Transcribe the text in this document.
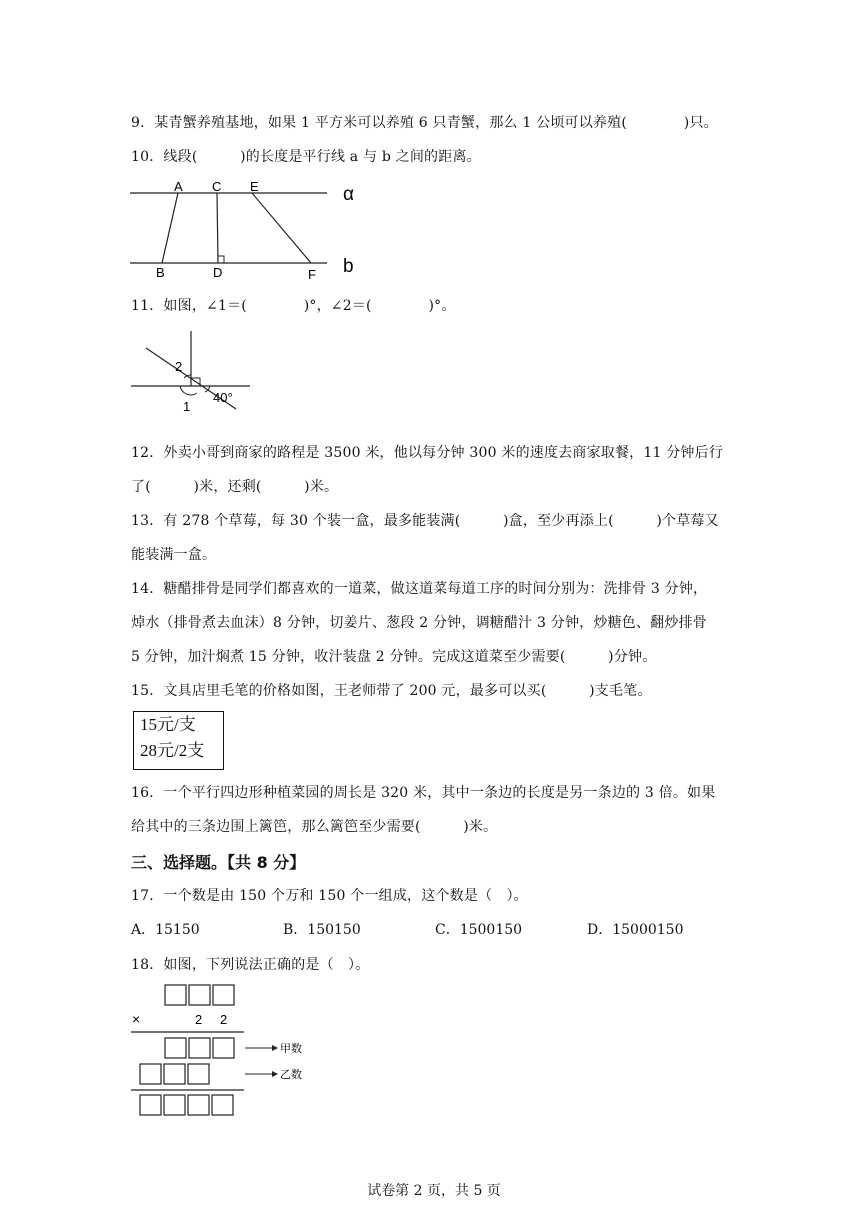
9．某青蟹养殖基地，如果 1 平方米可以养殖 6 只青蟹，那么 1 公顷可以养殖(　　　　)只。
10．线段(　　　)的长度是平行线 a 与 b 之间的距离。
A C E
B	D	F
α
b
11．如图，∠1＝(　　　　)°，∠2＝(　　　　)°。
2
1
40°
12．外卖小哥到商家的路程是 3500 米，他以每分钟 300 米的速度去商家取餐，11 分钟后行
了(　　　)米，还剩(　　　)米。
13．有 278 个草莓，每 30 个装一盒，最多能装满(　　　)盒，至少再添上(　　　)个草莓又
能装满一盒。
14．糖醋排骨是同学们都喜欢的一道菜，做这道菜每道工序的时间分别为：洗排骨 3 分钟，
焯水（排骨煮去血沫）8 分钟，切姜片、葱段 2 分钟，调糖醋汁 3 分钟，炒糖色、翻炒排骨
5 分钟，加汁焖煮 15 分钟，收汁装盘 2 分钟。完成这道菜至少需要(　　　)分钟。
15．文具店里毛笔的价格如图，王老师带了 200 元，最多可以买(　　　)支毛笔。
15元/支
28元/2支
16．一个平行四边形种植菜园的周长是 320 米，其中一条边的长度是另一条边的 3 倍。如果
给其中的三条边围上篱笆，那么篱笆至少需要(　　　)米。
三、选择题。【共 8 分】
17．一个数是由 150 个万和 150 个一组成，这个数是（　）。
A．15150	B．150150	C．1500150	D．15000150
18．如图，下列说法正确的是（　）。
×	2 2
甲数
乙数
试卷第 2 页，共 5 页
